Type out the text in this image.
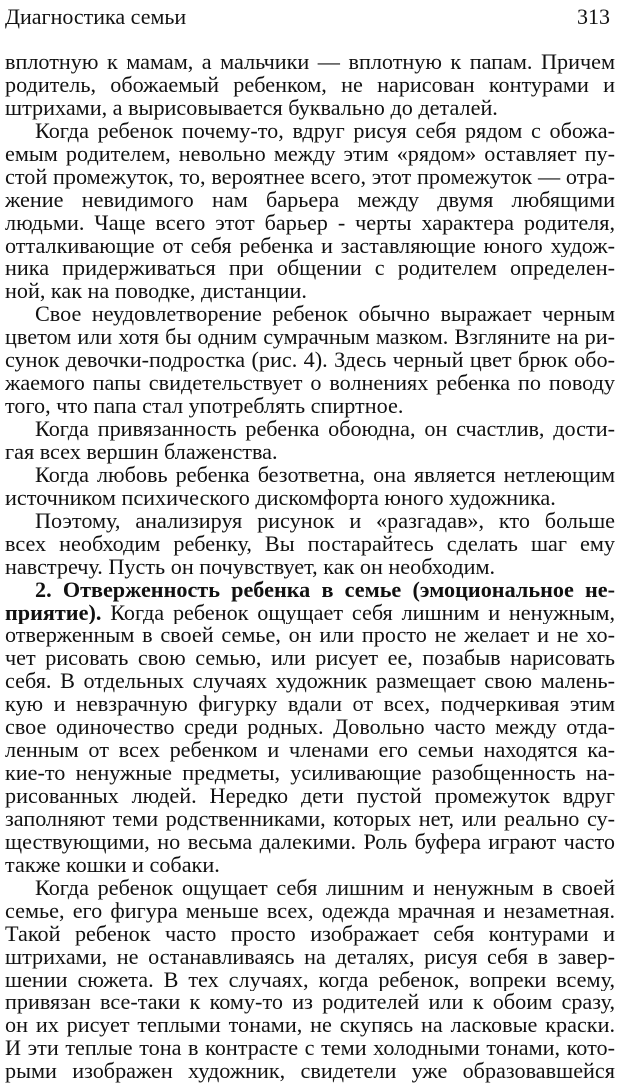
Диагностика семьи	313
вплотную к мамам, а мальчики — вплотную к папам. Причем
родитель, обожаемый ребенком, не нарисован контурами и
штрихами, а вырисовывается буквально до деталей.
Когда ребенок почему-то, вдруг рисуя себя рядом с обожа-
емым родителем, невольно между этим «рядом» оставляет пу-
стой промежуток, то, вероятнее всего, этот промежуток — отра-
жение невидимого нам барьера между двумя любящими
людьми. Чаще всего этот барьер - черты характера родителя,
отталкивающие от себя ребенка и заставляющие юного худож-
ника придерживаться при общении с родителем определен-
ной, как на поводке, дистанции.
Свое неудовлетворение ребенок обычно выражает черным
цветом или хотя бы одним сумрачным мазком. Взгляните на ри-
сунок девочки-подростка (рис. 4). Здесь черный цвет брюк обо-
жаемого папы свидетельствует о волнениях ребенка по поводу
того, что папа стал употреблять спиртное.
Когда привязанность ребенка обоюдна, он счастлив, дости-
гая всех вершин блаженства.
Когда любовь ребенка безответна, она является нетлеющим
источником психического дискомфорта юного художника.
Поэтому, анализируя рисунок и «разгадав», кто больше
всех необходим ребенку, Вы постарайтесь сделать шаг ему
навстречу. Пусть он почувствует, как он необходим.
2. Отверженность ребенка в семье (эмоциональное не-
приятие). Когда ребенок ощущает себя лишним и ненужным,
отверженным в своей семье, он или просто не желает и не хо-
чет рисовать свою семью, или рисует ее, позабыв нарисовать
себя. В отдельных случаях художник размещает свою малень-
кую и невзрачную фигурку вдали от всех, подчеркивая этим
свое одиночество среди родных. Довольно часто между отда-
ленным от всех ребенком и членами его семьи находятся ка-
кие-то ненужные предметы, усиливающие разобщенность на-
рисованных людей. Нередко дети пустой промежуток вдруг
заполняют теми родственниками, которых нет, или реально су-
ществующими, но весьма далекими. Роль буфера играют часто
также кошки и собаки.
Когда ребенок ощущает себя лишним и ненужным в своей
семье, его фигура меньше всех, одежда мрачная и незаметная.
Такой ребенок часто просто изображает себя контурами и
штрихами, не останавливаясь на деталях, рисуя себя в завер-
шении сюжета. В тех случаях, когда ребенок, вопреки всему,
привязан все-таки к кому-то из родителей или к обоим сразу,
он их рисует теплыми тонами, не скупясь на ласковые краски.
И эти теплые тона в контрасте с теми холодными тонами, кото-
рыми изображен художник, свидетели уже образовавшейся
